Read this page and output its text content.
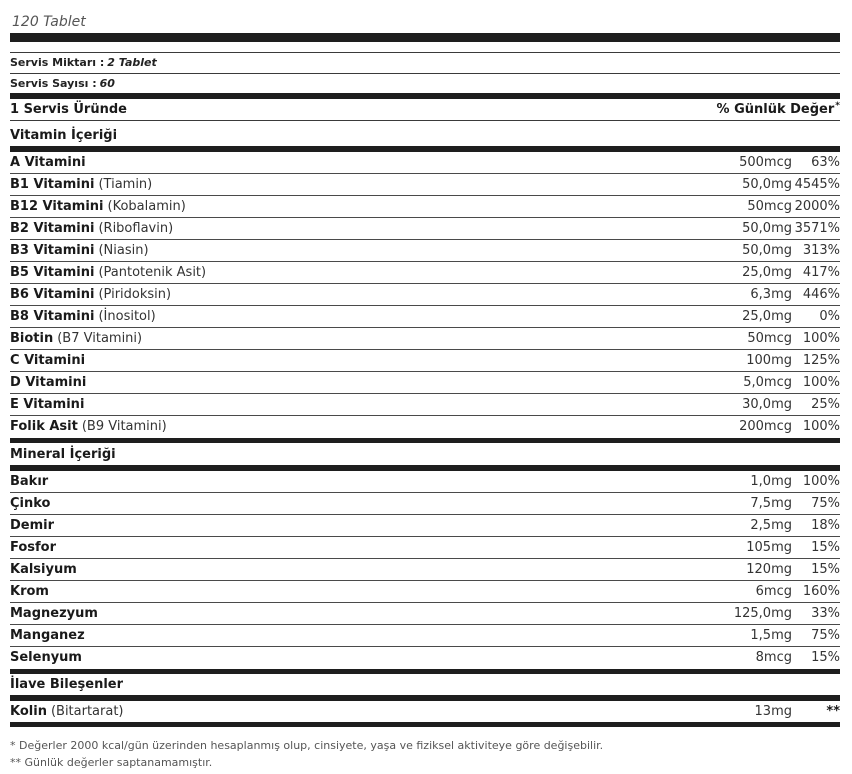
120 Tablet
Servis Miktarı : 2 Tablet
Servis Sayısı : 60
1 Servis Üründe	% Günlük Değer*
Vitamin İçeriği
A Vitamini	500mcg 63%
B1 Vitamini (Tiamin)	50,0mg 4545%
B12 Vitamini (Kobalamin)	50mcg 2000%
B2 Vitamini (Riboflavin)	50,0mg 3571%
B3 Vitamini (Niasin)	50,0mg 313%
B5 Vitamini (Pantotenik Asit)	25,0mg 417%
B6 Vitamini (Piridoksin)	6,3mg 446%
B8 Vitamini (İnositol)	25,0mg 0%
Biotin (B7 Vitamini)	50mcg 100%
C Vitamini	100mg 125%
D Vitamini	5,0mcg 100%
E Vitamini	30,0mg 25%
Folik Asit (B9 Vitamini)	200mcg 100%
Mineral İçeriği
Bakır	1,0mg 100%
Çinko	7,5mg 75%
Demir	2,5mg 18%
Fosfor	105mg 15%
Kalsiyum	120mg 15%
Krom	6mcg 160%
Magnezyum	125,0mg 33%
Manganez	1,5mg 75%
Selenyum	8mcg 15%
İlave Bileşenler
Kolin (Bitartarat)	13mg	**
* Değerler 2000 kcal/gün üzerinden hesaplanmış olup, cinsiyete, yaşa ve fiziksel aktiviteye göre değişebilir.
** Günlük değerler saptanamamıştır.
